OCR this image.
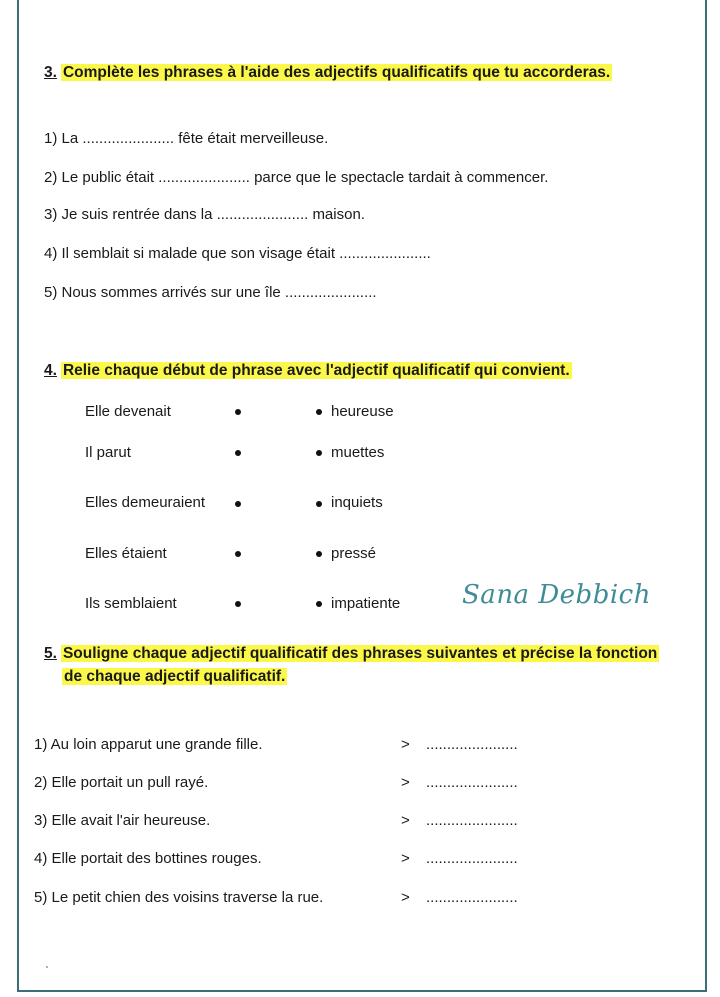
3. Complète les phrases à l'aide des adjectifs qualificatifs que tu accorderas.
1) La ...................... fête était merveilleuse.
2) Le public était ...................... parce que le spectacle tardait à commencer.
3) Je suis rentrée dans la ...................... maison.
4) Il semblait si malade que son visage était ......................
5) Nous sommes arrivés sur une île ......................
4. Relie chaque début de phrase avec l'adjectif qualificatif qui convient.
Elle devenait
Il parut
Elles demeuraient
Elles étaient
Ils semblaient
heureuse
muettes
inquiets
pressé
impatiente Sana Debbich
5. Souligne chaque adjectif qualificatif des phrases suivantes et précise la fonction
de chaque adjectif qualificatif.
1) Au loin apparut une grande fille.
2) Elle portait un pull rayé.
3) Elle avait l'air heureuse.
4) Elle portait des bottines rouges.
5) Le petit chien des voisins traverse la rue.
>
>
>
>
>
......................
......................
......................
......................
......................
